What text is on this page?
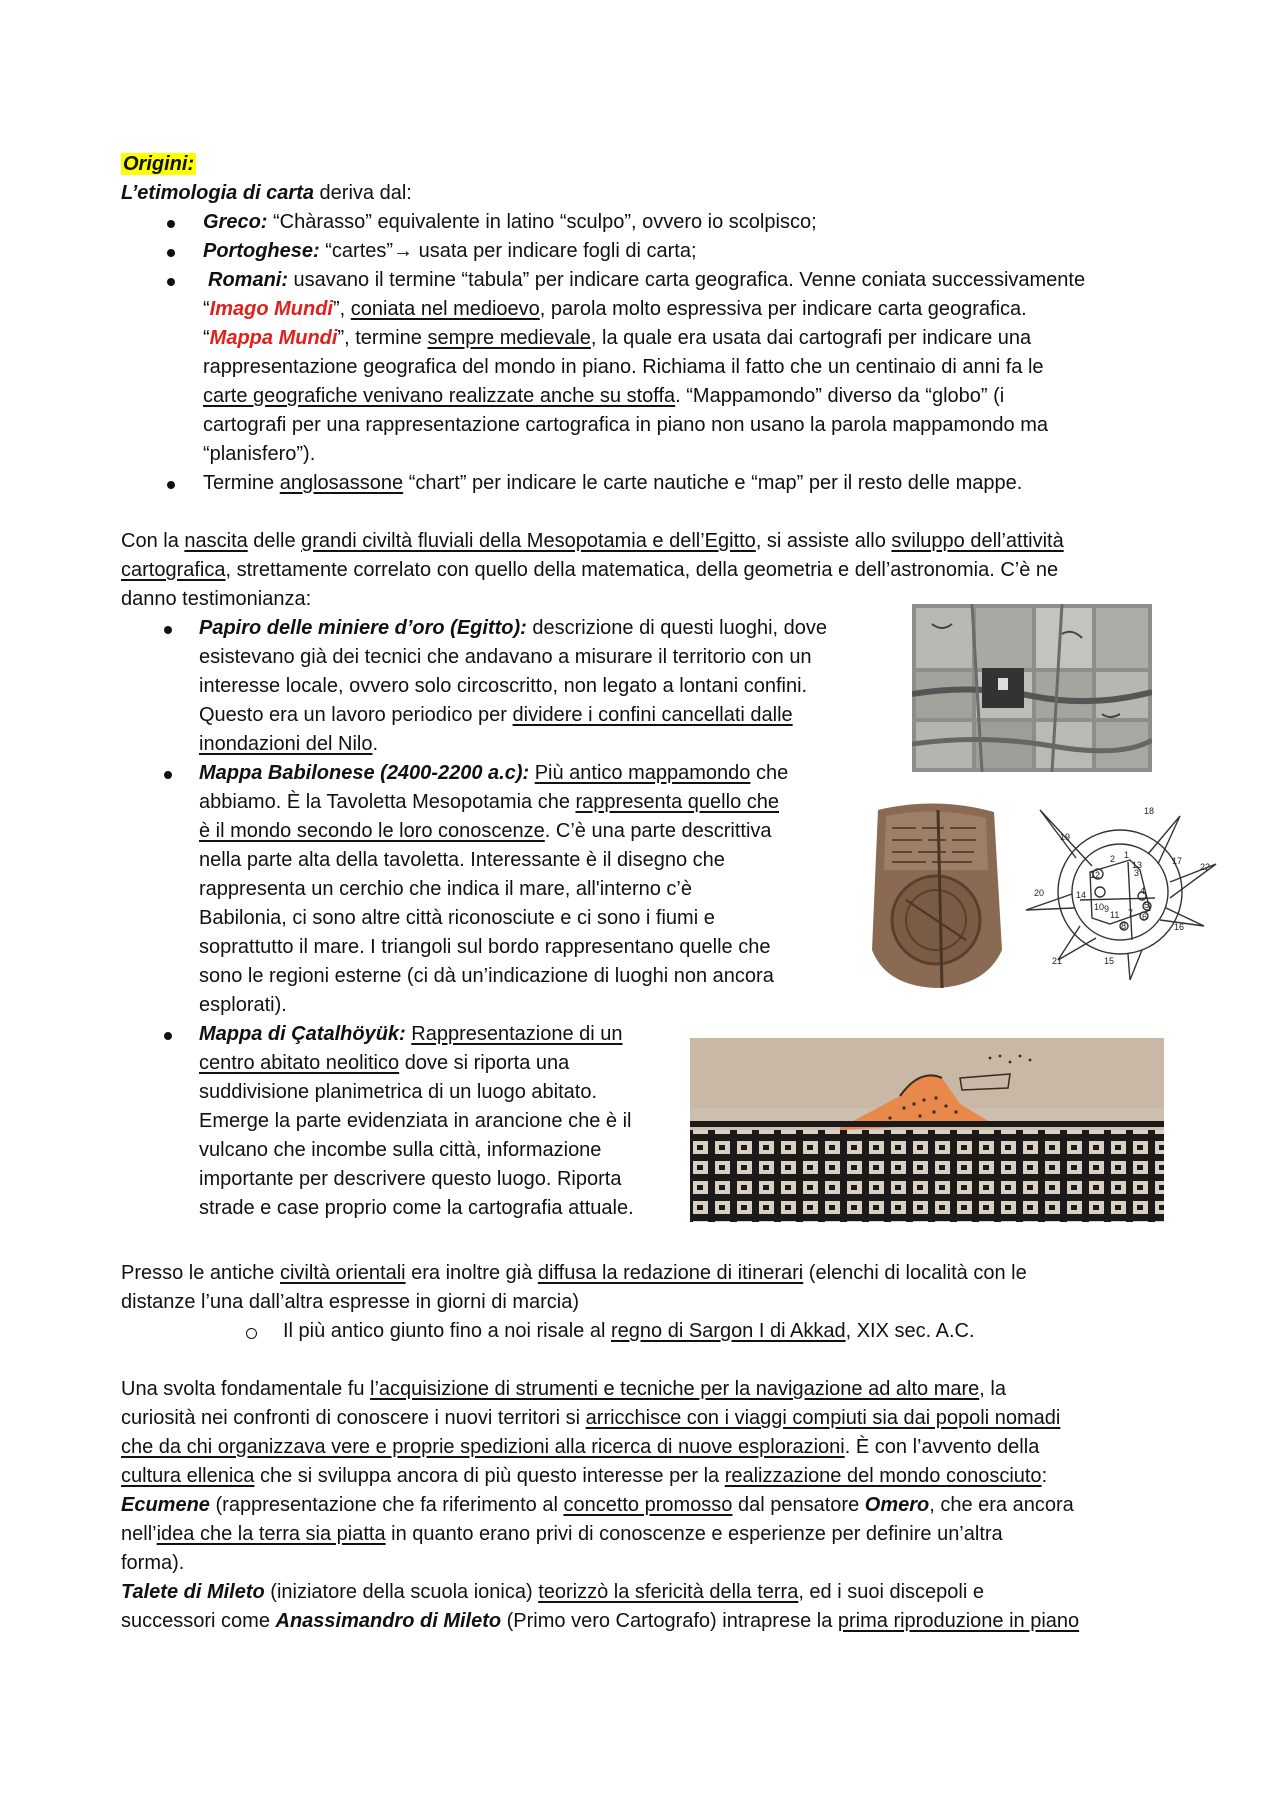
Origini:
L’etimologia di carta deriva dal:
Greco: “Chàrasso” equivalente in latino “sculpo”, ovvero io scolpisco;
Portoghese: “cartes”→ usata per indicare fogli di carta;
Romani: usavano il termine “tabula” per indicare carta geografica. Venne coniata successivamente
“Imago Mundi”, coniata nel medioevo, parola molto espressiva per indicare carta geografica.
“Mappa Mundi”, termine sempre medievale, la quale era usata dai cartografi per indicare una
rappresentazione geografica del mondo in piano. Richiama il fatto che un centinaio di anni fa le
carte geografiche venivano realizzate anche su stoffa. “Mappamondo” diverso da “globo” (i
cartografi per una rappresentazione cartografica in piano non usano la parola mappamondo ma
“planisfero”).
Termine anglosassone “chart” per indicare le carte nautiche e “map” per il resto delle mappe.
Con la nascita delle grandi civiltà fluviali della Mesopotamia e dell’Egitto, si assiste allo sviluppo dell’attività
cartografica, strettamente correlato con quello della matematica, della geometria e dell’astronomia. C’è ne
danno testimonianza:
Papiro delle miniere d’oro (Egitto): descrizione di questi luoghi, dove
esistevano già dei tecnici che andavano a misurare il territorio con un
interesse locale, ovvero solo circoscritto, non legato a lontani confini.
Questo era un lavoro periodico per dividere i confini cancellati dalle
inondazioni del Nilo.
Mappa Babilonese (2400-2200 a.c): Più antico mappamondo che
abbiamo. È la Tavoletta Mesopotamia che rappresenta quello che
è il mondo secondo le loro conoscenze. C’è una parte descrittiva
nella parte alta della tavoletta. Interessante è il disegno che
rappresenta un cerchio che indica il mare, all'interno c’è
Babilonia, ci sono altre città riconosciute e ci sono i fiumi e
soprattutto il mare. I triangoli sul bordo rappresentano quelle che
sono le regioni esterne (ci dà un’indicazione di luoghi non ancora
esplorati).
18
19
1
2
3
4
5
6
7
8
9
10
11
12
13
14
15
16
17
20
21
22
Mappa di Çatalhöyük: Rappresentazione di un
centro abitato neolitico dove si riporta una
suddivisione planimetrica di un luogo abitato.
Emerge la parte evidenziata in arancione che è il
vulcano che incombe sulla città, informazione
importante per descrivere questo luogo. Riporta
strade e case proprio come la cartografia attuale.
Presso le antiche civiltà orientali era inoltre già diffusa la redazione di itinerari (elenchi di località con le
distanze l’una dall’altra espresse in giorni di marcia)
Il più antico giunto fino a noi risale al regno di Sargon I di Akkad, XIX sec. A.C.
Una svolta fondamentale fu l’acquisizione di strumenti e tecniche per la navigazione ad alto mare, la
curiosità nei confronti di conoscere i nuovi territori si arricchisce con i viaggi compiuti sia dai popoli nomadi
che da chi organizzava vere e proprie spedizioni alla ricerca di nuove esplorazioni. È con l’avvento della
cultura ellenica che si sviluppa ancora di più questo interesse per la realizzazione del mondo conosciuto:
Ecumene (rappresentazione che fa riferimento al concetto promosso dal pensatore Omero, che era ancora
nell’idea che la terra sia piatta in quanto erano privi di conoscenze e esperienze per definire un’altra
forma).
Talete di Mileto (iniziatore della scuola ionica) teorizzò la sfericità della terra, ed i suoi discepoli e
successori come Anassimandro di Mileto (Primo vero Cartografo) intraprese la prima riproduzione in piano
